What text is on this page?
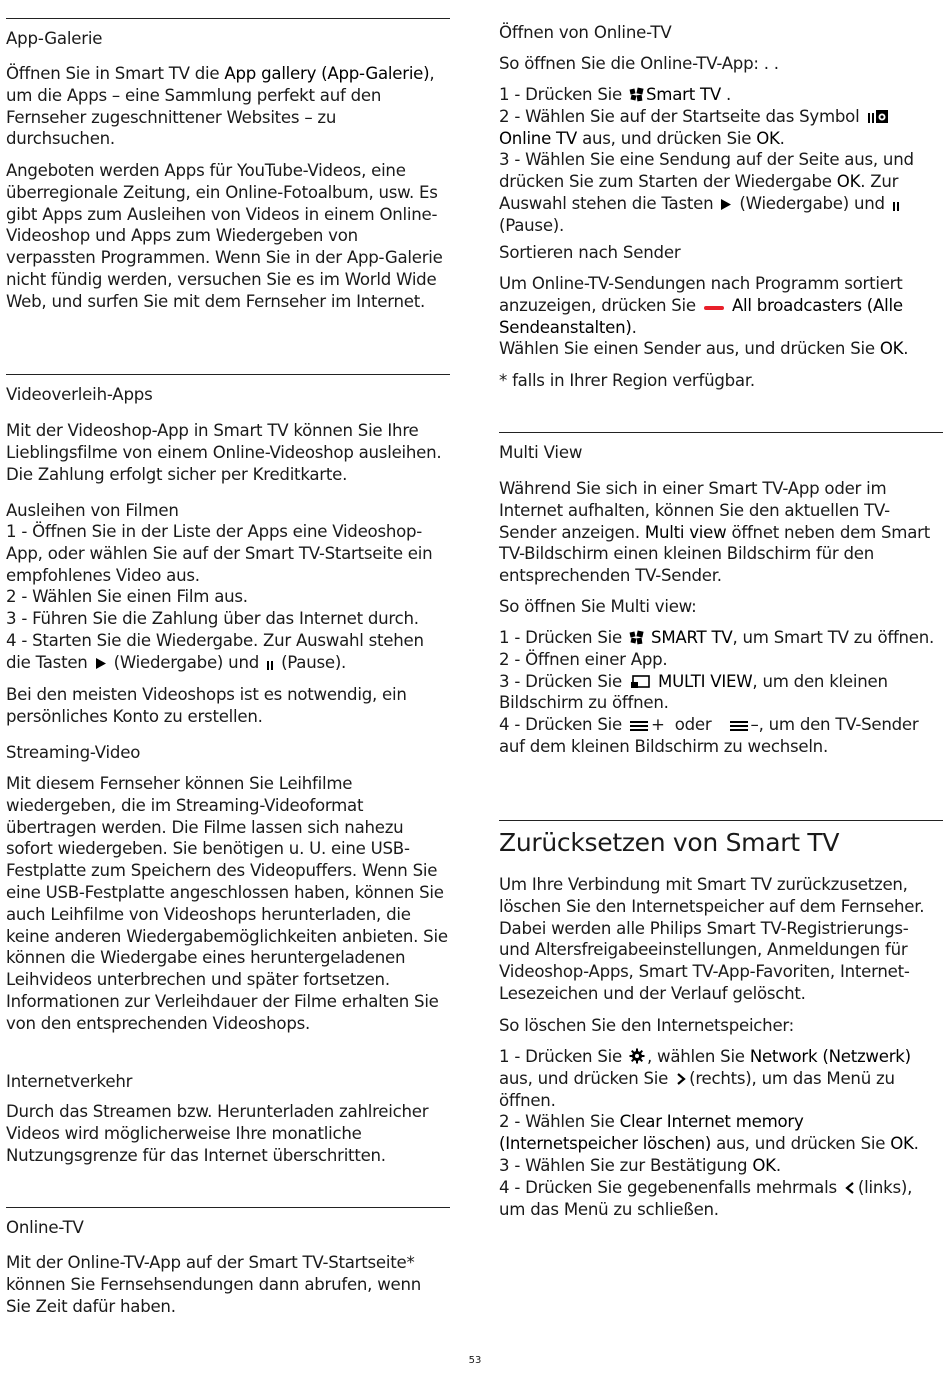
App-Galerie
Öffnen Sie in Smart TV die App gallery (App-Galerie), um die Apps – eine Sammlung perfekt auf den Fernseher zugeschnittener Websites – zu durchsuchen.
Angeboten werden Apps für YouTube-Videos, eine überregionale Zeitung, ein Online-Fotoalbum, usw. Es gibt Apps zum Ausleihen von Videos in einem Online-Videoshop und Apps zum Wiedergeben von verpassten Programmen. Wenn Sie in der App-Galerie nicht fündig werden, versuchen Sie es im World Wide Web, und surfen Sie mit dem Fernseher im Internet.
Videoverleih-Apps
Mit der Videoshop-App in Smart TV können Sie Ihre Lieblingsfilme von einem Online-Videoshop ausleihen. Die Zahlung erfolgt sicher per Kreditkarte.
Ausleihen von Filmen
1 - Öffnen Sie in der Liste der Apps eine Videoshop-App, oder wählen Sie auf der Smart TV-Startseite ein empfohlenes Video aus.
2 - Wählen Sie einen Film aus.
3 - Führen Sie die Zahlung über das Internet durch.
4 - Starten Sie die Wiedergabe. Zur Auswahl stehen die Tasten (Wiedergabe) und (Pause).
Bei den meisten Videoshops ist es notwendig, ein persönliches Konto zu erstellen.
Streaming-Video
Mit diesem Fernseher können Sie Leihfilme wiedergeben, die im Streaming-Videoformat übertragen werden. Die Filme lassen sich nahezu sofort wiedergeben. Sie benötigen u. U. eine USB-Festplatte zum Speichern des Videopuffers. Wenn Sie eine USB-Festplatte angeschlossen haben, können Sie auch Leihfilme von Videoshops herunterladen, die keine anderen Wiedergabemöglichkeiten anbieten. Sie können die Wiedergabe eines heruntergeladenen Leihvideos unterbrechen und später fortsetzen. Informationen zur Verleihdauer der Filme erhalten Sie von den entsprechenden Videoshops.
Internetverkehr
Durch das Streamen bzw. Herunterladen zahlreicher Videos wird möglicherweise Ihre monatliche Nutzungsgrenze für das Internet überschritten.
Online-TV
Mit der Online-TV-App auf der Smart TV-Startseite* können Sie Fernsehsendungen dann abrufen, wenn Sie Zeit dafür haben.
Öffnen von Online-TV
So öffnen Sie die Online-TV-App: . .
1 - Drücken Sie Smart TV .
2 - Wählen Sie auf der Startseite das Symbol  Online TV aus, und drücken Sie OK.
3 - Wählen Sie eine Sendung auf der Seite aus, und drücken Sie zum Starten der Wiedergabe OK. Zur Auswahl stehen die Tasten (Wiedergabe) und  (Pause).
Sortieren nach Sender
Um Online-TV-Sendungen nach Programm sortiert anzuzeigen, drücken Sie All broadcasters (Alle Sendeanstalten).
Wählen Sie einen Sender aus, und drücken Sie OK.
* falls in Ihrer Region verfügbar.
Multi View
Während Sie sich in einer Smart TV-App oder im Internet aufhalten, können Sie den aktuellen TV-Sender anzeigen. Multi view öffnet neben dem Smart TV-Bildschirm einen kleinen Bildschirm für den entsprechenden TV-Sender.
So öffnen Sie Multi view:
1 - Drücken Sie SMART TV, um Smart TV zu öffnen.
2 - Öffnen einer App.
3 - Drücken Sie MULTI VIEW, um den kleinen Bildschirm zu öffnen.
4 - Drücken Sie + oder –, um den TV-Sender auf dem kleinen Bildschirm zu wechseln.
Zurücksetzen von Smart TV
Um Ihre Verbindung mit Smart TV zurückzusetzen, löschen Sie den Internetspeicher auf dem Fernseher. Dabei werden alle Philips Smart TV-Registrierungs- und Altersfreigabeeinstellungen, Anmeldungen für Videoshop-Apps, Smart TV-App-Favoriten, Internet-Lesezeichen und der Verlauf gelöscht.
So löschen Sie den Internetspeicher:
1 - Drücken Sie , wählen Sie Network (Netzwerk) aus, und drücken Sie (rechts), um das Menü zu öffnen.
2 - Wählen Sie Clear Internet memory (Internetspeicher löschen) aus, und drücken Sie OK.
3 - Wählen Sie zur Bestätigung OK.
4 - Drücken Sie gegebenenfalls mehrmals (links), um das Menü zu schließen.
53
